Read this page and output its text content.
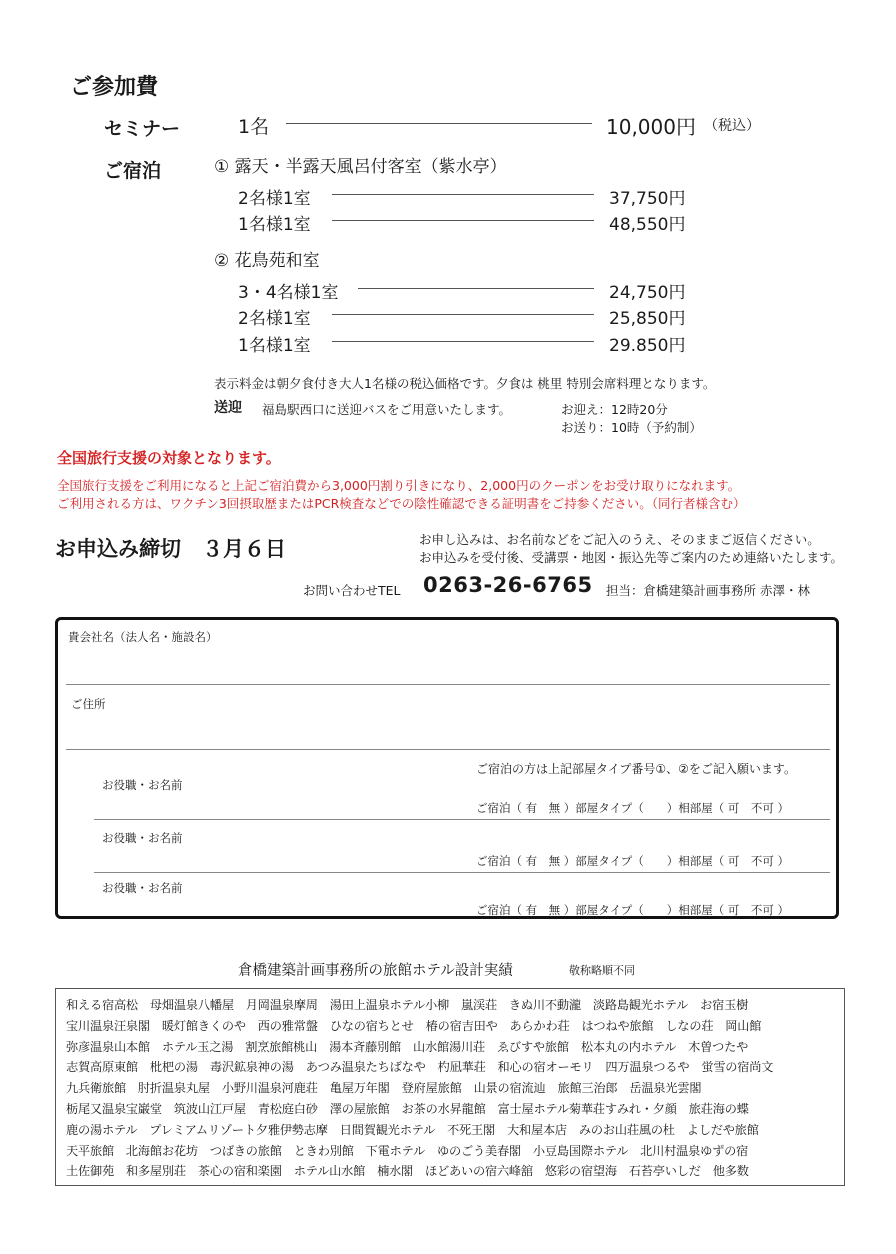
ご参加費
セミナー	1名	10,000円 （税込）
ご宿泊	① 露天・半露天風呂付客室（紫水亭）
2名様1室	37,750円
1名様1室	48,550円
② 花鳥苑和室
3・4名様1室	24,750円
2名様1室	25,850円
1名様1室	29.850円
表示料金は朝夕食付き大人1名様の税込価格です。夕食は 桃里 特別会席料理となります。
送迎 福島駅西口に送迎バスをご用意いたします。	お迎え：12時20分
お送り：10時（予約制）
全国旅行支援の対象となります。
全国旅行支援をご利用になると上記ご宿泊費から3,000円割り引きになり、2,000円のクーポンをお受け取りになれます。
ご利用される方は、ワクチン3回摂取歴またはPCR検査などでの陰性確認できる証明書をご持参ください。（同行者様含む）
お申込み締切　３月６日	お申し込みは、お名前などをご記入のうえ、そのままご返信ください。
お申込みを受付後、受講票・地図・振込先等ご案内のため連絡いたします。
お問い合わせTEL 0263-26-6765 担当：倉橋建築計画事務所 赤澤・林
貴会社名（法人名・施設名）
ご住所
ご宿泊の方は上記部屋タイプ番号①、②をご記入願います。
お役職・お名前
ご宿泊（ 有　無 ）部屋タイプ（　　）相部屋（ 可　不可 ）
お役職・お名前
ご宿泊（ 有　無 ）部屋タイプ（　　）相部屋（ 可　不可 ）
お役職・お名前
ご宿泊（ 有　無 ）部屋タイプ（　　）相部屋（ 可　不可 ）
倉橋建築計画事務所の旅館ホテル設計実績	敬称略順不同
和える宿高松　母畑温泉八幡屋　月岡温泉摩周　湯田上温泉ホテル小柳　嵐渓荘　きぬ川不動瀧　淡路島観光ホテル　お宿玉樹
宝川温泉汪泉閣　暖灯館きくのや　西の雅常盤　ひなの宿ちとせ　椿の宿吉田や　あらかわ荘　はつねや旅館　しなの荘　岡山館
弥彦温泉山本館　ホテル玉之湯　割烹旅館桃山　湯本斉藤別館　山水館湯川荘　ゑびすや旅館　松本丸の内ホテル　木曽つたや
志賀高原東館　枇杷の湯　毒沢鉱泉神の湯　あつみ温泉たちばなや　杓凪華荘　和心の宿オーモリ　四万温泉つるや　蛍雪の宿尚文
九兵衛旅館　肘折温泉丸屋　小野川温泉河鹿荘　亀屋万年閣　登府屋旅館　山景の宿流辿　旅館三治郎　岳温泉光雲閣
栃尾又温泉宝巌堂　筑波山江戸屋　青松庭白砂　澤の屋旅館　お茶の水昇龍館　富士屋ホテル菊華荘すみれ・夕顔　旅荘海の蝶
鹿の湯ホテル　プレミアムリゾート夕雅伊勢志摩　日間賀観光ホテル　不死王閣　大和屋本店　みのお山荘風の杜　よしだや旅館
天平旅館　北海館お花坊　つばきの旅館　ときわ別館　下電ホテル　ゆのごう美春閣　小豆島国際ホテル　北川村温泉ゆずの宿
土佐御苑　和多屋別荘　茶心の宿和楽園　ホテル山水館　楠水閣　ほどあいの宿六峰舘　悠彩の宿望海　石苔亭いしだ　他多数
